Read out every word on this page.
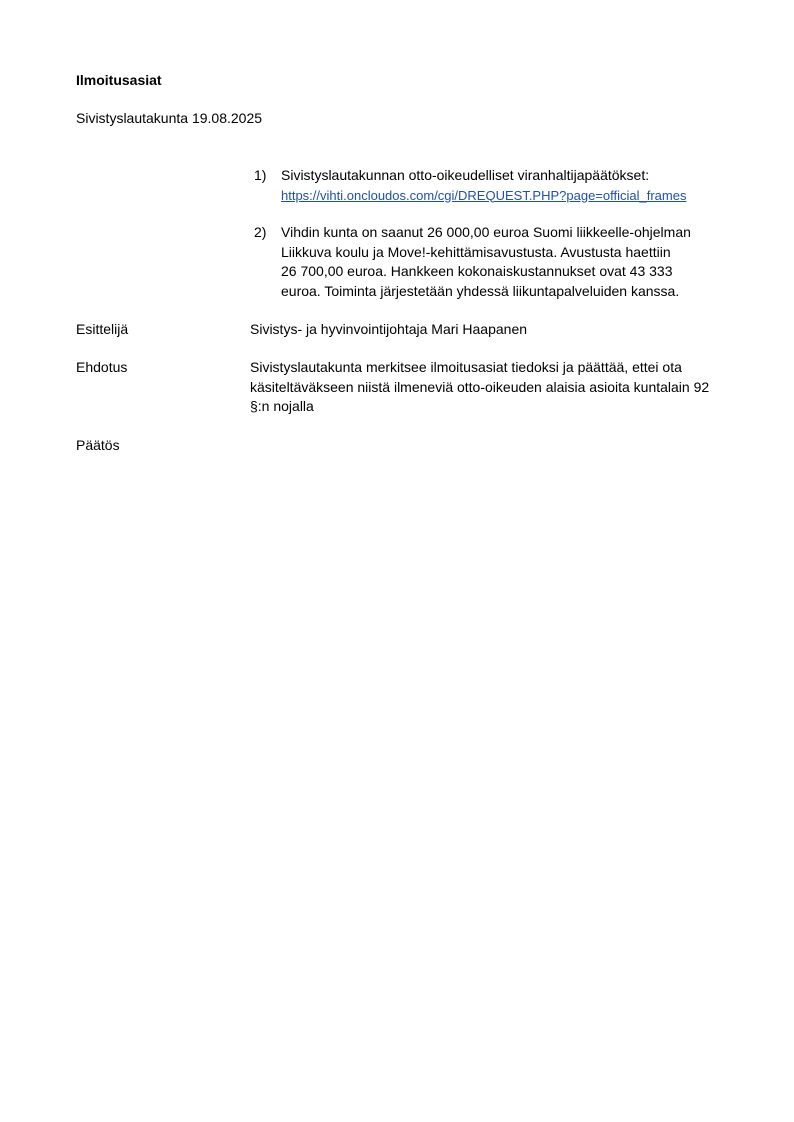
Ilmoitusasiat
Sivistyslautakunta 19.08.2025
1) Sivistyslautakunnan otto-oikeudelliset viranhaltijapäätökset:
https://vihti.oncloudos.com/cgi/DREQUEST.PHP?page=official_frames
2) Vihdin kunta on saanut 26 000,00 euroa Suomi liikkeelle-ohjelman
Liikkuva koulu ja Move!-kehittämisavustusta. Avustusta haettiin
26 700,00 euroa. Hankkeen kokonaiskustannukset ovat 43 333
euroa. Toiminta järjestetään yhdessä liikuntapalveluiden kanssa.
Esittelijä	Sivistys- ja hyvinvointijohtaja Mari Haapanen
Ehdotus	Sivistyslautakunta merkitsee ilmoitusasiat tiedoksi ja päättää, ettei ota
käsiteltäväkseen niistä ilmeneviä otto-oikeuden alaisia asioita kuntalain 92
§:n nojalla
Päätös
